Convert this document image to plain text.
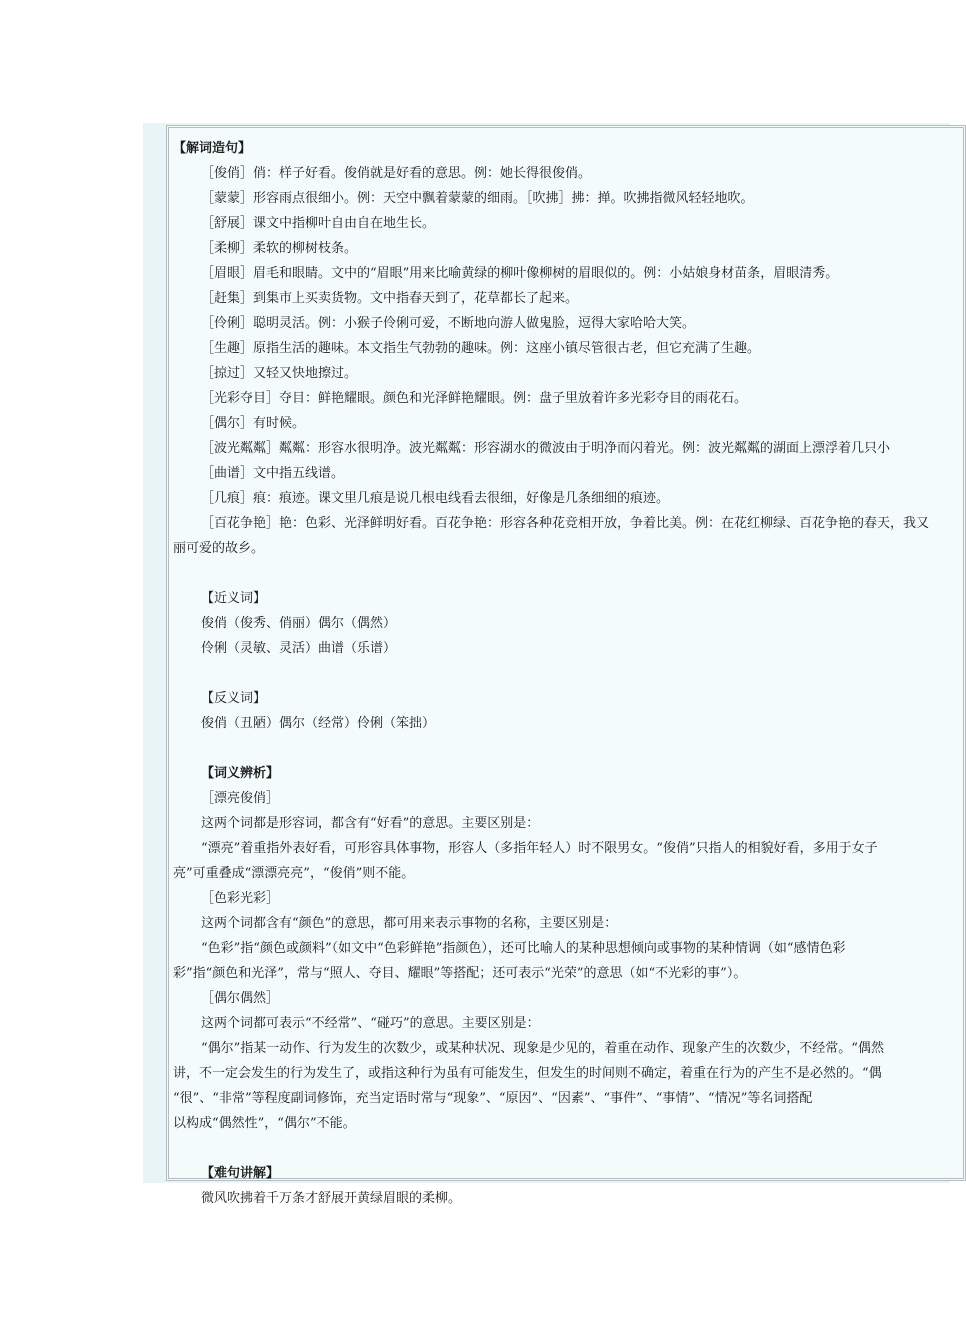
【解词造句】
［俊俏］俏：样子好看。俊俏就是好看的意思。例：她长得很俊俏。
［蒙蒙］形容雨点很细小。例：天空中飘着蒙蒙的细雨。［吹拂］拂：掸。吹拂指微风轻轻地吹。
［舒展］课文中指柳叶自由自在地生长。
［柔柳］柔软的柳树枝条。
［眉眼］眉毛和眼睛。文中的“眉眼”用来比喻黄绿的柳叶像柳树的眉眼似的。例：小姑娘身材苗条，眉眼清秀。
［赶集］到集市上买卖货物。文中指春天到了，花草都长了起来。
［伶俐］聪明灵活。例：小猴子伶俐可爱，不断地向游人做鬼脸，逗得大家哈哈大笑。
［生趣］原指生活的趣味。本文指生气勃勃的趣味。例：这座小镇尽管很古老，但它充满了生趣。
［掠过］又轻又快地擦过。
［光彩夺目］夺目：鲜艳耀眼。颜色和光泽鲜艳耀眼。例：盘子里放着许多光彩夺目的雨花石。
［偶尔］有时候。
［波光粼粼］粼粼：形容水很明净。波光粼粼：形容湖水的微波由于明净而闪着光。例：波光粼粼的湖面上漂浮着几只小
［曲谱］文中指五线谱。
［几痕］痕：痕迹。课文里几痕是说几根电线看去很细，好像是几条细细的痕迹。
［百花争艳］艳：色彩、光泽鲜明好看。百花争艳：形容各种花竞相开放，争着比美。例：在花红柳绿、百花争艳的春天，我又
丽可爱的故乡。
【近义词】
俊俏（俊秀、俏丽）偶尔（偶然）
伶俐（灵敏、灵活）曲谱（乐谱）
【反义词】
俊俏（丑陋）偶尔（经常）伶俐（笨拙）
【词义辨析】
［漂亮俊俏］
这两个词都是形容词，都含有“好看”的意思。主要区别是：
“漂亮”着重指外表好看，可形容具体事物，形容人（多指年轻人）时不限男女。“俊俏”只指人的相貌好看，多用于女子
亮”可重叠成“漂漂亮亮”，“俊俏”则不能。
［色彩光彩］
这两个词都含有“颜色”的意思，都可用来表示事物的名称，主要区别是：
“色彩”指“颜色或颜料”（如文中“色彩鲜艳”指颜色），还可比喻人的某种思想倾向或事物的某种情调（如“感情色彩
彩”指“颜色和光泽”，常与“照人、夺目、耀眼”等搭配；还可表示“光荣”的意思（如“不光彩的事”）。
［偶尔偶然］
这两个词都可表示“不经常”、“碰巧”的意思。主要区别是：
“偶尔”指某一动作、行为发生的次数少，或某种状况、现象是少见的，着重在动作、现象产生的次数少，不经常。“偶然
讲，不一定会发生的行为发生了，或指这种行为虽有可能发生，但发生的时间则不确定，着重在行为的产生不是必然的。“偶
“很”、“非常”等程度副词修饰，充当定语时常与“现象”、“原因”、“因素”、“事件”、“事情”、“情况”等名词搭配
以构成“偶然性”，“偶尔”不能。
【难句讲解】
微风吹拂着千万条才舒展开黄绿眉眼的柔柳。
